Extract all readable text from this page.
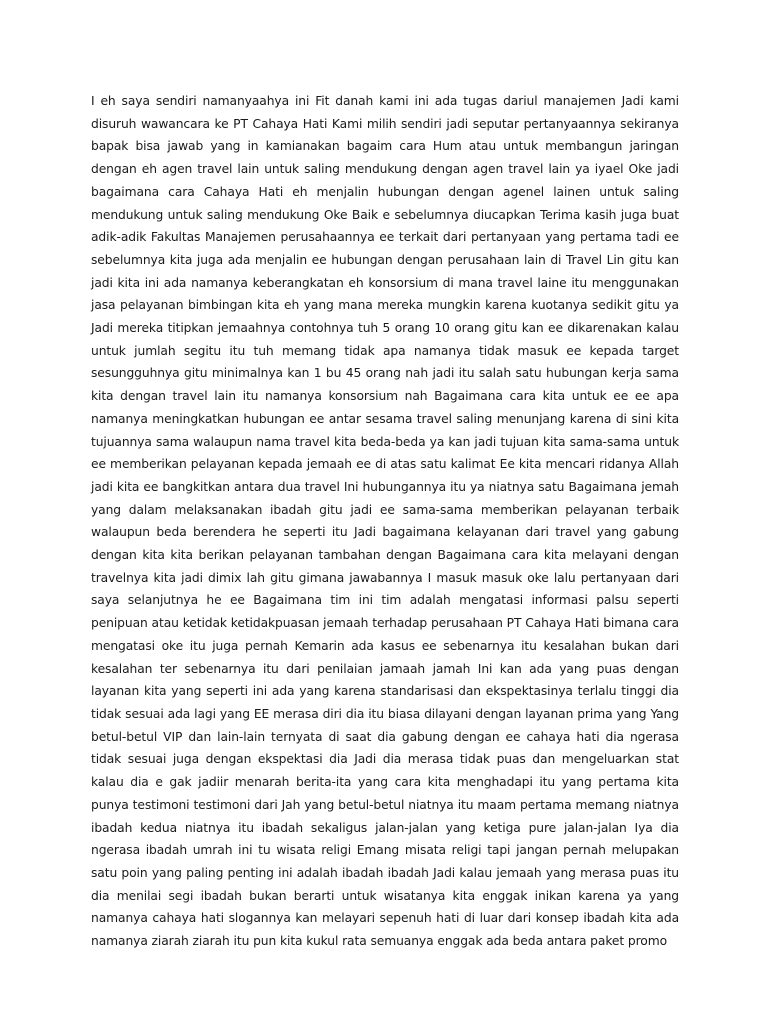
I eh saya sendiri namanyaahya ini Fit danah kami ini ada tugas dariul manajemen Jadi kami disuruh wawancara ke PT Cahaya Hati Kami milih sendiri jadi seputar pertanyaannya sekiranya bapak bisa jawab yang in kamianakan bagaim cara Hum atau untuk membangun jaringan dengan eh agen travel lain untuk saling mendukung dengan agen travel lain ya iyael Oke jadi bagaimana cara Cahaya Hati eh menjalin hubungan dengan agenel lainen untuk saling mendukung untuk saling mendukung Oke Baik e sebelumnya diucapkan Terima kasih juga buat adik-adik Fakultas Manajemen perusahaannya ee terkait dari pertanyaan yang pertama tadi ee sebelumnya kita juga ada menjalin ee hubungan dengan perusahaan lain di Travel Lin gitu kan jadi kita ini ada namanya keberangkatan eh konsorsium di mana travel laine itu menggunakan jasa pelayanan bimbingan kita eh yang mana mereka mungkin karena kuotanya sedikit gitu ya Jadi mereka titipkan jemaahnya contohnya tuh 5 orang 10 orang gitu kan ee dikarenakan kalau untuk jumlah segitu itu tuh memang tidak apa namanya tidak masuk ee kepada target sesungguhnya gitu minimalnya kan 1 bu 45 orang nah jadi itu salah satu hubungan kerja sama kita dengan travel lain itu namanya konsorsium nah Bagaimana cara kita untuk ee ee apa namanya meningkatkan hubungan ee antar sesama travel saling menunjang karena di sini kita tujuannya sama walaupun nama travel kita beda-beda ya kan jadi tujuan kita sama-sama untuk ee memberikan pelayanan kepada jemaah ee di atas satu kalimat Ee kita mencari ridanya Allah jadi kita ee bangkitkan antara dua travel Ini hubungannya itu ya niatnya satu Bagaimana jemah yang dalam melaksanakan ibadah gitu jadi ee sama-sama memberikan pelayanan terbaik walaupun beda berendera he seperti itu Jadi bagaimana kelayanan dari travel yang gabung dengan kita kita berikan pelayanan tambahan dengan Bagaimana cara kita melayani dengan travelnya kita jadi dimix lah gitu gimana jawabannya I masuk masuk oke lalu pertanyaan dari saya selanjutnya he ee Bagaimana tim ini tim adalah mengatasi informasi palsu seperti penipuan atau ketidak ketidakpuasan jemaah terhadap perusahaan PT Cahaya Hati bimana cara mengatasi oke itu juga pernah Kemarin ada kasus ee sebenarnya itu kesalahan bukan dari kesalahan ter sebenarnya itu dari penilaian jamaah jamah Ini kan ada yang puas dengan layanan kita yang seperti ini ada yang karena standarisasi dan ekspektasinya terlalu tinggi dia tidak sesuai ada lagi yang EE merasa diri dia itu biasa dilayani dengan layanan prima yang Yang betul-betul VIP dan lain-lain ternyata di saat dia gabung dengan ee cahaya hati dia ngerasa tidak sesuai juga dengan ekspektasi dia Jadi dia merasa tidak puas dan mengeluarkan stat kalau dia e gak jadiir menarah berita-ita yang cara kita menghadapi itu yang pertama kita punya testimoni testimoni dari Jah yang betul-betul niatnya itu maam pertama memang niatnya ibadah kedua niatnya itu ibadah sekaligus jalan-jalan yang ketiga pure jalan-jalan Iya dia ngerasa ibadah umrah ini tu wisata religi Emang misata religi tapi jangan pernah melupakan satu poin yang paling penting ini adalah ibadah ibadah Jadi kalau jemaah yang merasa puas itu dia menilai segi ibadah bukan berarti untuk wisatanya kita enggak inikan karena ya yang namanya cahaya hati slogannya kan melayari sepenuh hati di luar dari konsep ibadah kita ada namanya ziarah ziarah itu pun kita kukul rata semuanya enggak ada beda antara paket promo
